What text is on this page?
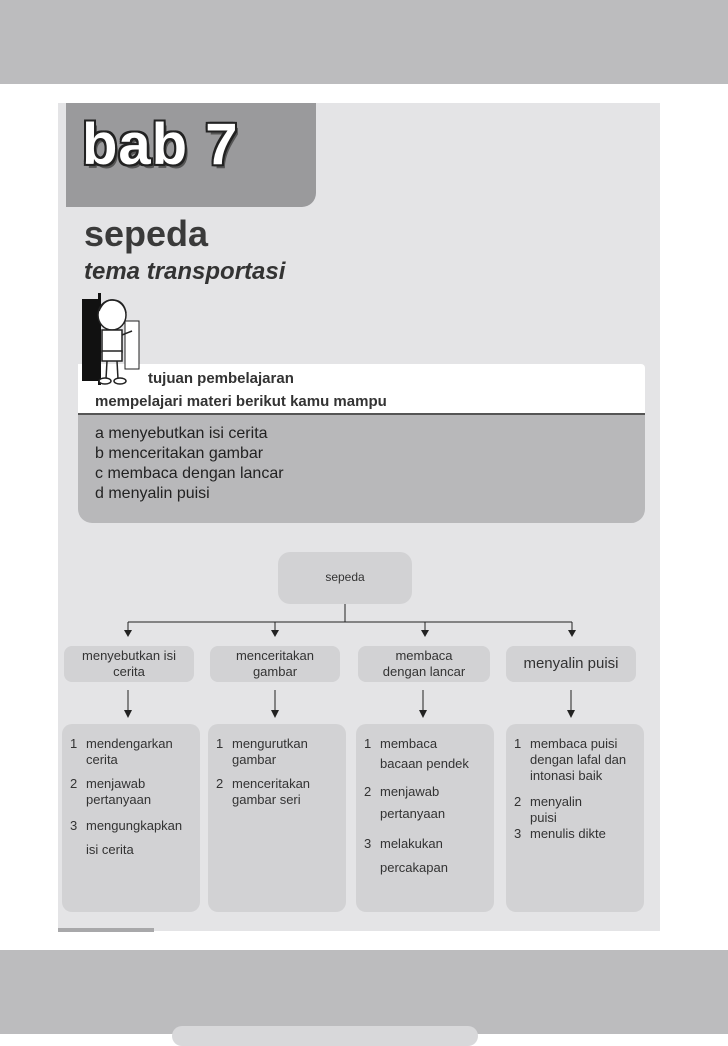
bab 7
sepeda
tema transportasi
tujuan pembelajaran
mempelajari materi berikut kamu mampu
a menyebutkan isi cerita
b menceritakan gambar
c membaca dengan lancar
d menyalin puisi
sepeda
menyebutkan isi
cerita
menceritakan
gambar
membaca
dengan lancar	menyalin puisi
1 mendengarkan
cerita
2 menjawab
pertanyaan
3 mengungkapkan
isi cerita
1 mengurutkan
gambar
2 menceritakan
gambar seri
1 membaca
bacaan pendek
2 menjawab
pertanyaan
3 melakukan
percakapan
1 membaca puisi
dengan lafal dan
intonasi baik
2 menyalin
puisi
3 menulis dikte
